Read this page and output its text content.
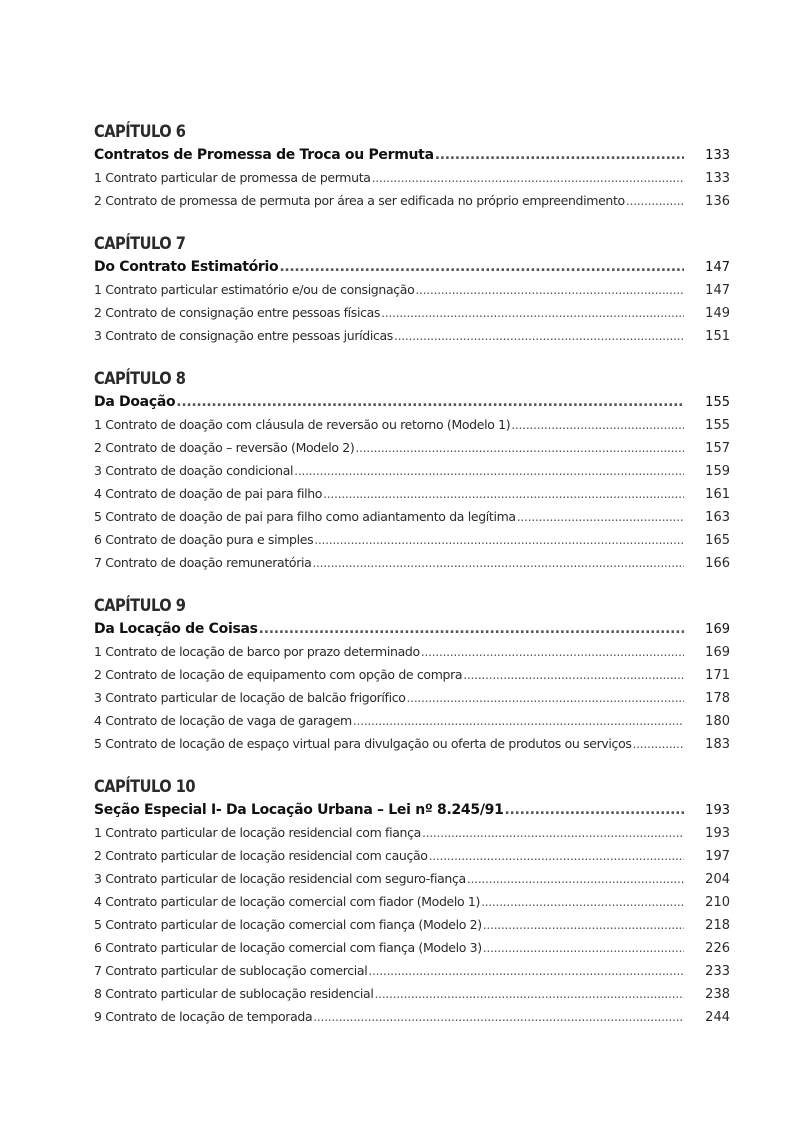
CAPÍTULO 6
Contratos de Promessa de Troca ou Permuta .....	133
1 Contrato particular de promessa de permuta .....	133
2 Contrato de promessa de permuta por área a ser edificada no próprio empreendimento .....	136
CAPÍTULO 7
Do Contrato Estimatório .....	147
1 Contrato particular estimatório e/ou de consignação .....	147
2 Contrato de consignação entre pessoas físicas .....	149
3 Contrato de consignação entre pessoas jurídicas .....	151
CAPÍTULO 8
Da Doação .....	155
1 Contrato de doação com cláusula de reversão ou retorno (Modelo 1) .....	155
2 Contrato de doação – reversão (Modelo 2) .....	157
3 Contrato de doação condicional .....	159
4 Contrato de doação de pai para filho .....	161
5 Contrato de doação de pai para filho como adiantamento da legítima .....	163
6 Contrato de doação pura e simples .....	165
7 Contrato de doação remuneratória .....	166
CAPÍTULO 9
Da Locação de Coisas .....	169
1 Contrato de locação de barco por prazo determinado .....	169
2 Contrato de locação de equipamento com opção de compra .....	171
3 Contrato particular de locação de balcão frigorífico .....	178
4 Contrato de locação de vaga de garagem .....	180
5 Contrato de locação de espaço virtual para divulgação ou oferta de produtos ou serviços .....	183
CAPÍTULO 10
Seção Especial I- Da Locação Urbana – Lei nº 8.245/91 .....	193
1 Contrato particular de locação residencial com fiança .....	193
2 Contrato particular de locação residencial com caução .....	197
3 Contrato particular de locação residencial com seguro-fiança .....	204
4 Contrato particular de locação comercial com fiador (Modelo 1) .....	210
5 Contrato particular de locação comercial com fiança (Modelo 2) .....	218
6 Contrato particular de locação comercial com fiança (Modelo 3) .....	226
7 Contrato particular de sublocação comercial .....	233
8 Contrato particular de sublocação residencial .....	238
9 Contrato de locação de temporada .....	244
